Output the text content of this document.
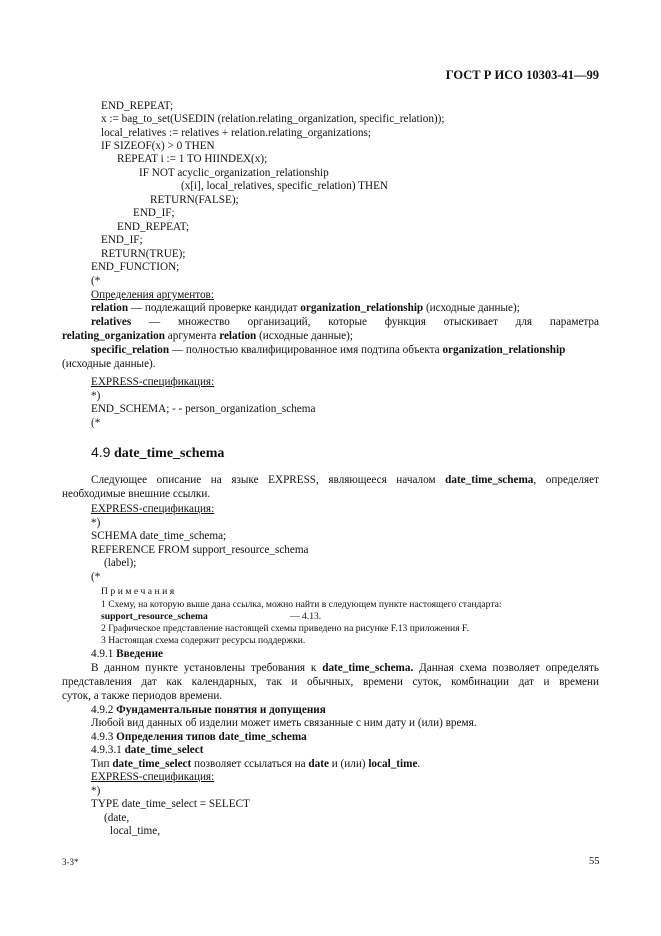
ГОСТ Р ИСО 10303-41—99
END_REPEAT;
x := bag_to_set(USEDIN (relation.relating_organization, specific_relation));
local_relatives := relatives + relation.relating_organizations;
IF SIZEOF(x) > 0 THEN
REPEAT i := 1 TO HIINDEX(x);
IF NOT acyclic_organization_relationship
(x[i], local_relatives, specific_relation) THEN
RETURN(FALSE);
END_IF;
END_REPEAT;
END_IF;
RETURN(TRUE);
END_FUNCTION;
(*
Определения аргументов:
relation — подлежащий проверке кандидат organization_relationship (исходные данные);
relatives — множество организаций, которые функция отыскивает для параметра
relating_organization аргумента relation (исходные данные);
specific_relation — полностью квалифицированное имя подтипа объекта organization_relationship
(исходные данные).
EXPRESS-спецификация:
*)
END_SCHEMA; - - person_organization_schema
(*
4.9 date_time_schema
Следующее описание на языке EXPRESS, являющееся началом date_time_schema, определяет
необходимые внешние ссылки.
EXPRESS-спецификация:
*)
SCHEMA date_time_schema;
REFERENCE FROM support_resource_schema
(label);
(*
Примечания
1 Схему, на которую выше дана ссылка, можно найти в следующем пункте настоящего стандарта:
support_resource_schema	— 4.13.
2 Графическое представление настоящей схемы приведено на рисунке F.13 приложения F.
3 Настоящая схема содержит ресурсы поддержки.
4.9.1 Введение
В данном пункте установлены требования к date_time_schema. Данная схема позволяет определять
представления дат как календарных, так и обычных, времени суток, комбинации дат и времени
суток, а также периодов времени.
4.9.2 Фундаментальные понятия и допущения
Любой вид данных об изделии может иметь связанные с ним дату и (или) время.
4.9.3 Определения типов date_time_schema
4.9.3.1 date_time_select
Тип date_time_select позволяет ссылаться на date и (или) local_time.
EXPRESS-спецификация:
*)
TYPE date_time_select = SELECT
(date,
local_time,
3-3*	55
